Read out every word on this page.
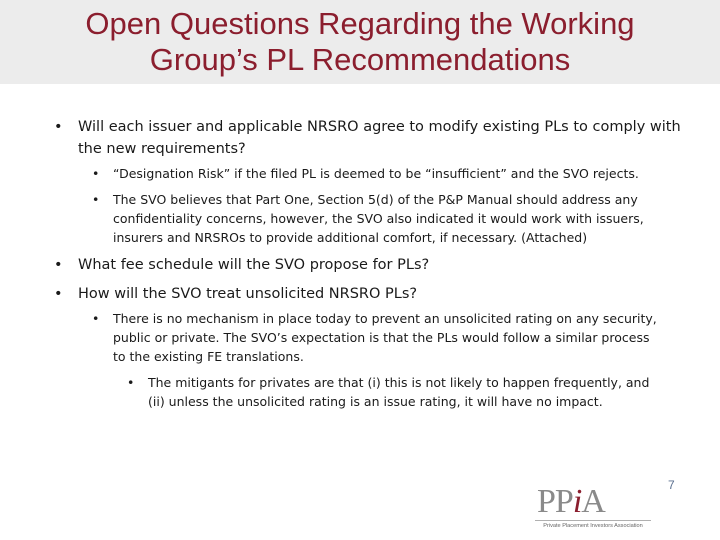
Open Questions Regarding the Working
Group’s PL Recommendations
• Will each issuer and applicable NRSRO agree to modify existing PLs to comply with
the new requirements?
• “Designation Risk” if the filed PL is deemed to be “insufficient” and the SVO rejects.
• The SVO believes that Part One, Section 5(d) of the P&P Manual should address any
confidentiality concerns, however, the SVO also indicated it would work with issuers,
insurers and NRSROs to provide additional comfort, if necessary. (Attached)
• What fee schedule will the SVO propose for PLs?
• How will the SVO treat unsolicited NRSRO PLs?
• There is no mechanism in place today to prevent an unsolicited rating on any security,
public or private. The SVO’s expectation is that the PLs would follow a similar process
to the existing FE translations.
• The mitigants for privates are that (i) this is not likely to happen frequently, and
(ii) unless the unsolicited rating is an issue rating, it will have no impact.
PPiA
Private Placement Investors Association
7
